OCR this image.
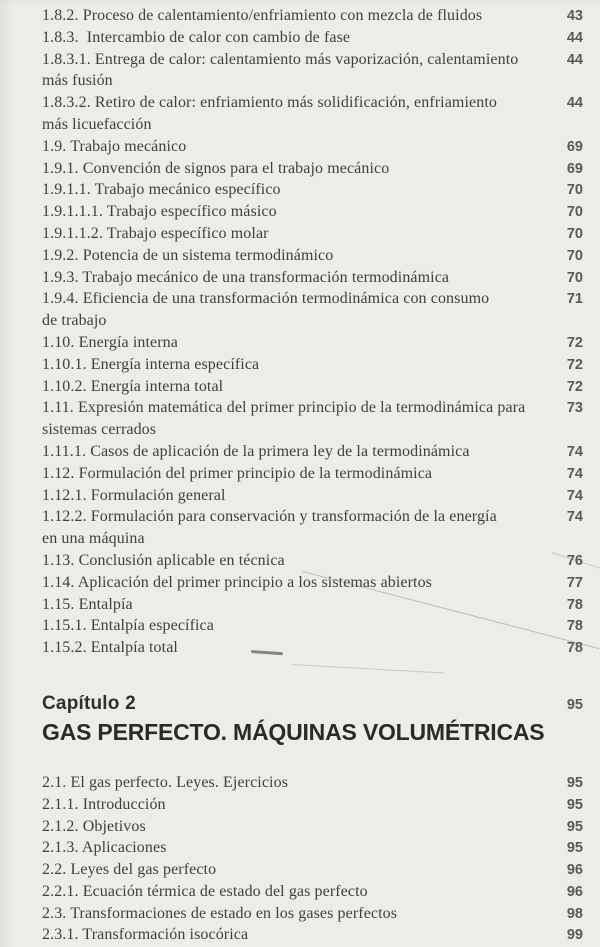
1.8.2. Proceso de calentamiento/enfriamiento con mezcla de fluidos	43
1.8.3.  Intercambio de calor con cambio de fase	44
1.8.3.1. Entrega de calor: calentamiento más vaporización, calentamiento	44
más fusión
1.8.3.2. Retiro de calor: enfriamiento más solidificación, enfriamiento	44
más licuefacción
1.9. Trabajo mecánico	69
1.9.1. Convención de signos para el trabajo mecánico	69
1.9.1.1. Trabajo mecánico específico	70
1.9.1.1.1. Trabajo específico másico	70
1.9.1.1.2. Trabajo específico molar	70
1.9.2. Potencia de un sistema termodinámico	70
1.9.3. Trabajo mecánico de una transformación termodinámica	70
1.9.4. Eficiencia de una transformación termodinámica con consumo	71
de trabajo
1.10. Energía interna	72
1.10.1. Energía interna específica	72
1.10.2. Energía interna total	72
1.11. Expresión matemática del primer principio de la termodinámica para	73
sistemas cerrados
1.11.1. Casos de aplicación de la primera ley de la termodinámica	74
1.12. Formulación del primer principio de la termodinámica	74
1.12.1. Formulación general	74
1.12.2. Formulación para conservación y transformación de la energía	74
en una máquina
1.13. Conclusión aplicable en técnica	76
1.14. Aplicación del primer principio a los sistemas abiertos	77
1.15. Entalpía	78
1.15.1. Entalpía específica	78
1.15.2. Entalpía total	78
Capítulo 2	95
GAS PERFECTO. MÁQUINAS VOLUMÉTRICAS
2.1. El gas perfecto. Leyes. Ejercicios	95
2.1.1. Introducción	95
2.1.2. Objetivos	95
2.1.3. Aplicaciones	95
2.2. Leyes del gas perfecto	96
2.2.1. Ecuación térmica de estado del gas perfecto	96
2.3. Transformaciones de estado en los gases perfectos	98
2.3.1. Transformación isocórica	99
